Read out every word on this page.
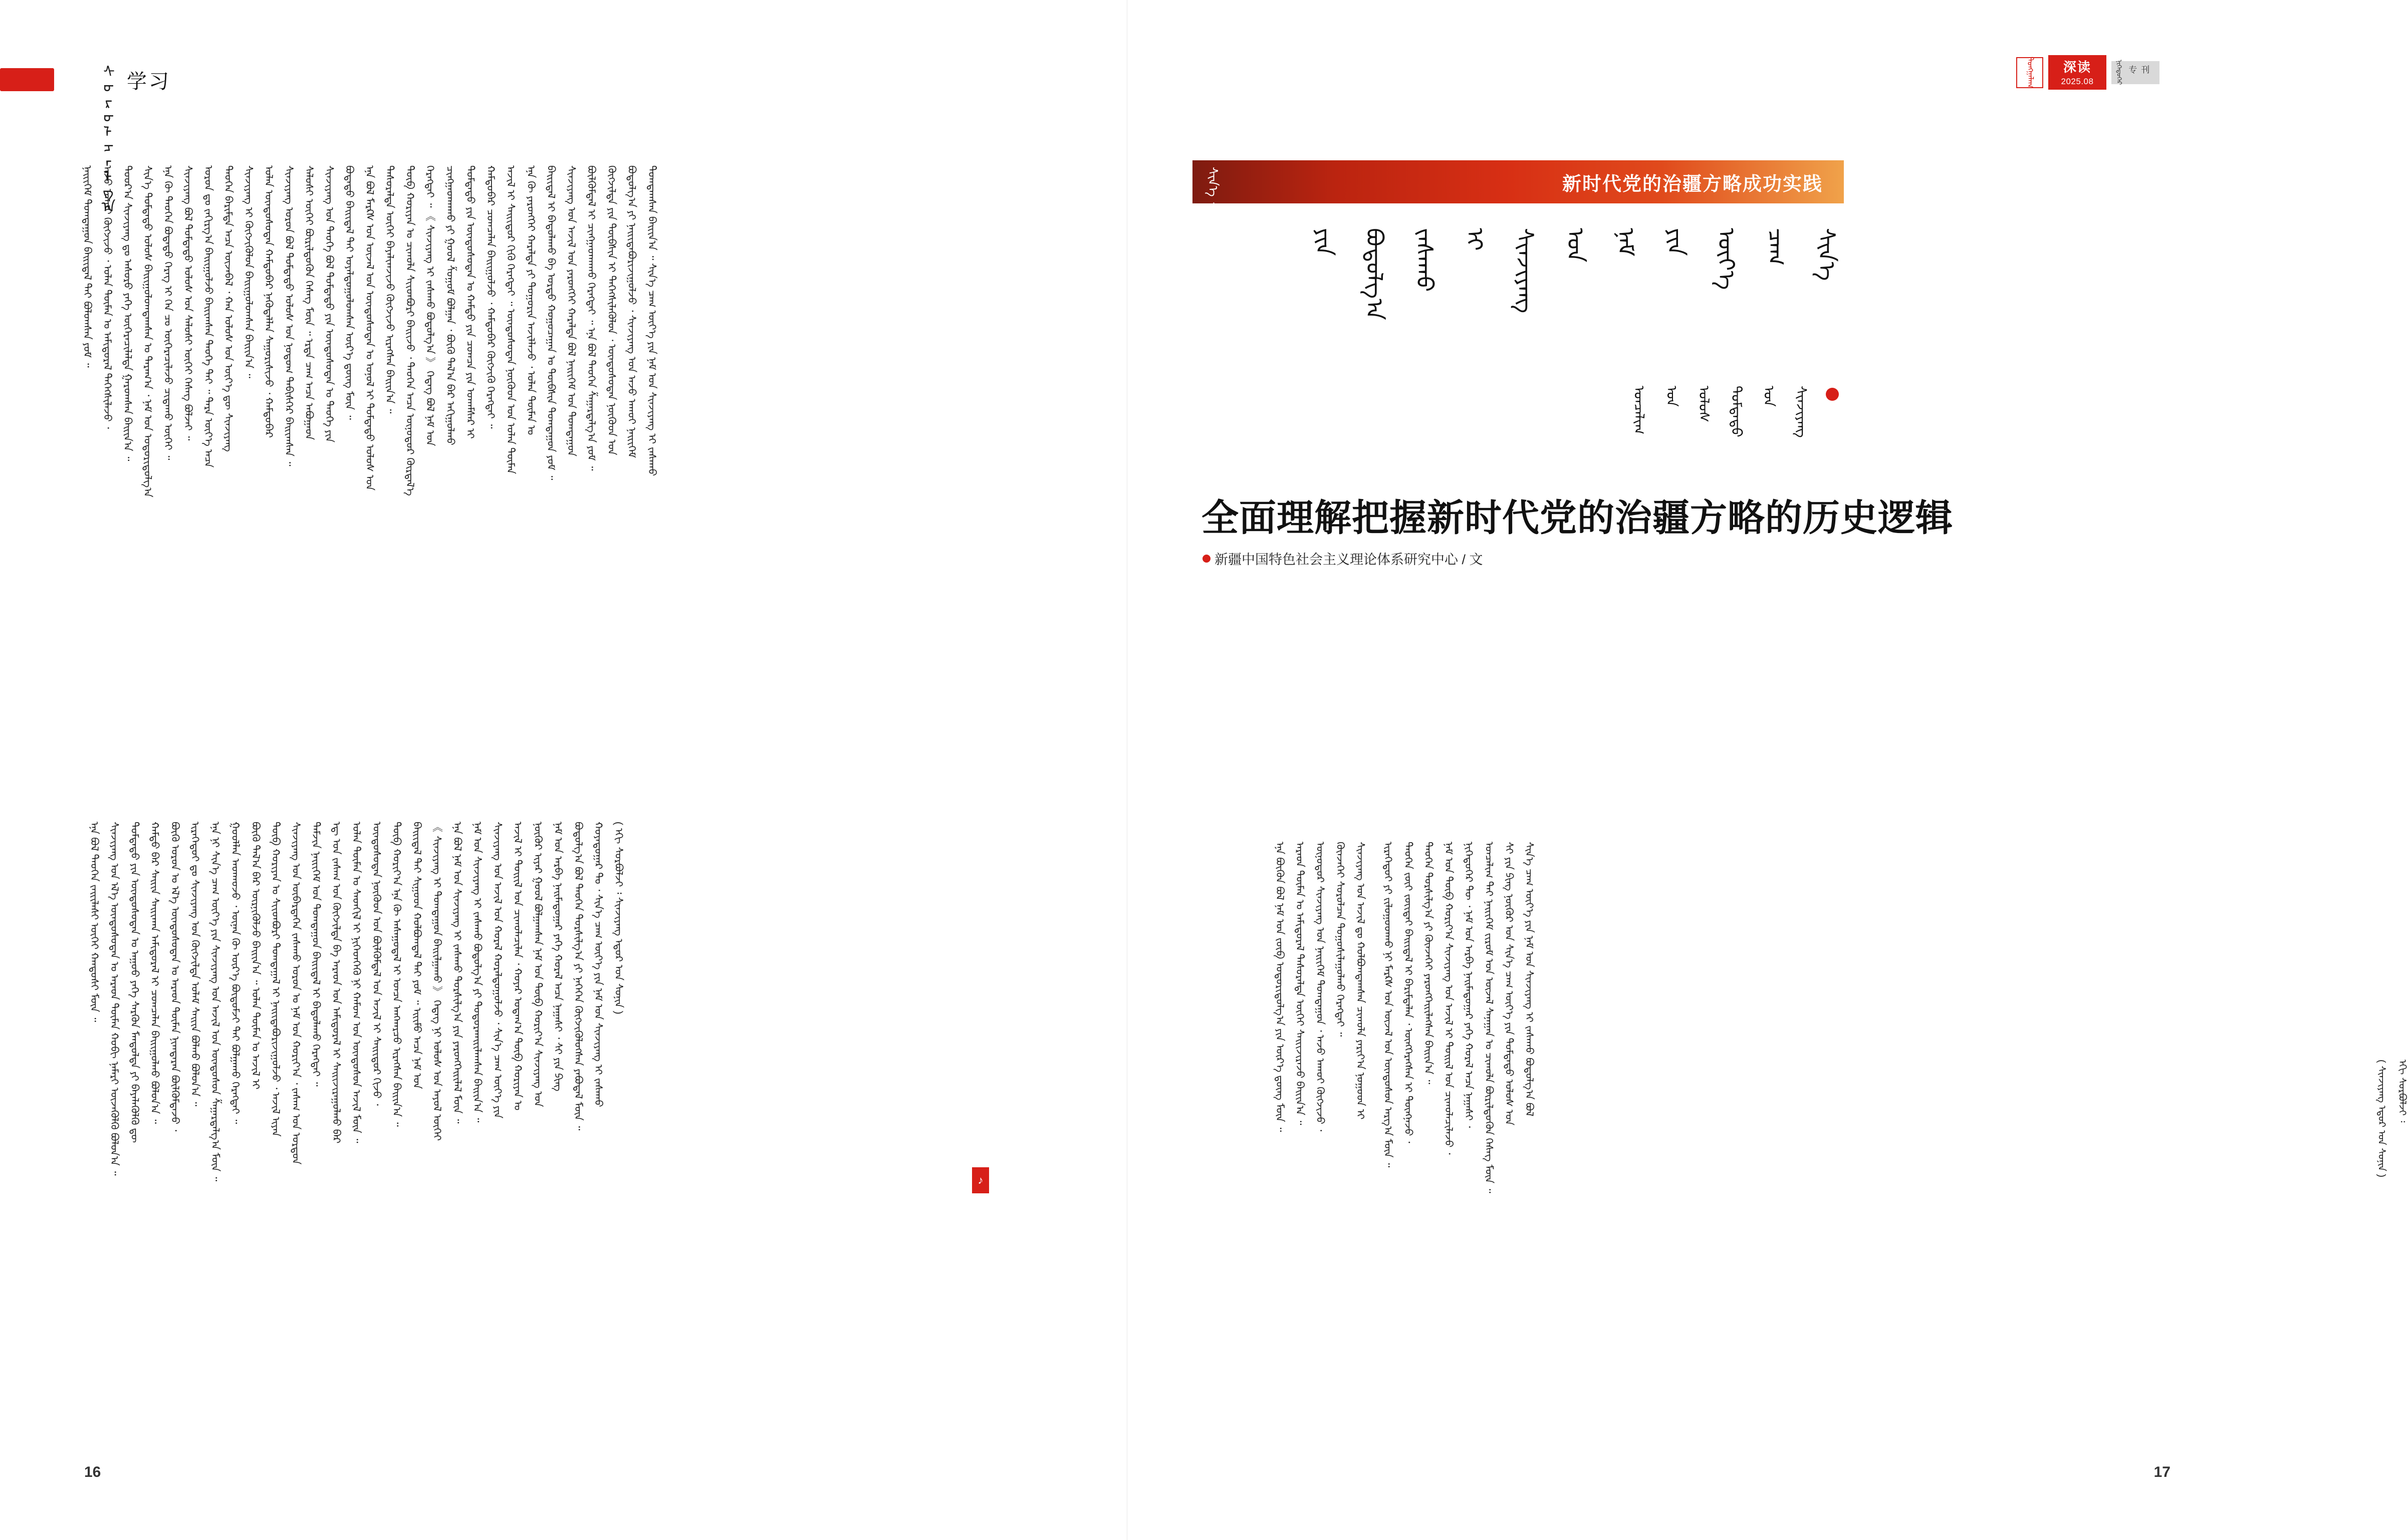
ᠰᠤᠷᠤᠯᠴᠠᠯᠭ᠎ᠠ 学习
ᠲᠣᠭᠲᠠᠭᠰᠠᠨ ᠪᠠᠢᠢᠨ᠎ᠠ ᠃ ᠰᠢᠨ᠎ᠡ ᠴᠠᠭ ᠦᠶ᠎ᠡ ᠶᠢᠨ ᠨᠠᠮ ᠤᠨ ᠰᠢᠨᠵᠢᠶᠠᠩ ᠢ ᠵᠠᠰᠠᠬᠤ
ᠪᠣᠳᠣᠯᠭ᠎ᠠ ᠶᠢ ᠨᠠᠢᠢᠳᠠᠪᠤᠷᠢᠵᠢᠭᠤᠯᠵᠤ ᠂ ᠰᠢᠨᠵᠢᠶᠠᠩ ᠤᠨ ᠠᠵᠤ ᠠᠬᠤᠢ ᠨᠡᠢᠢᠭᠡᠮ
ᠬᠥᠭᠵᠢᠯᠲᠡ ᠶᠢᠨ ᠲᠦᠪᠰᠢᠨ ᠢ ᠳᠡᠭᠡᠭᠰᠢᠯᠡᠭᠦᠯᠦᠨ ᠂ ᠦᠨᠳᠦᠰᠦᠲᠡᠨ ᠨᠦᠭᠦᠳ ᠤᠨ
ᠪᠦᠯᠬᠦᠮᠳᠡᠯ ᠢ ᠴᠢᠩᠭᠠᠳᠬᠠᠬᠤ ᠬᠡᠷᠡᠭᠲᠡᠢ ᠃ ᠡᠨᠡ ᠪᠣᠯ ᠲᠡᠦᠬᠡᠨ ᠱᠠᠭᠠᠷᠳᠠᠯᠭ᠎ᠠ ᠶᠤᠮ ᠃
ᠰᠢᠨᠵᠢᠶᠠᠩ ᠤᠨ ᠠᠵᠢᠯ ᠤᠨ ᠶᠡᠷᠦᠩᠬᠡᠢ ᠬᠠᠷᠠᠯᠲᠠ ᠪᠣᠯ ᠨᠡᠢᠢᠭᠡᠮ ᠤᠨ ᠲᠣᠭᠲᠠᠭᠤᠨ
ᠪᠠᠢᠢᠳᠠᠯ ᠢ ᠪᠠᠲᠤᠯᠠᠬᠤ ᠪᠠ ᠤᠷᠲᠤ ᠬᠤᠭᠤᠴᠠᠭᠠᠨ ᠤ ᠲᠦᠪᠰᠢᠨ ᠲᠣᠭᠲᠠᠭᠤᠨ ᠶᠤᠮ ᠃
ᠡᠨᠡ ᠬᠦ ᠶᠡᠷᠦᠩᠬᠡᠢ ᠬᠠᠷᠠᠯᠲᠠ ᠶᠢ ᠲᠣᠭᠤᠷᠢᠨ ᠠᠵᠢᠯᠯᠠᠵᠤ ᠂ ᠣᠯᠠᠨ ᠲᠦᠮᠡᠨ ᠤ
ᠠᠵᠢᠯ ᠢ ᠰᠠᠢᠢᠲᠤᠷ ᠬᠢᠬᠦ ᠬᠡᠷᠡᠭᠲᠡᠢ ᠃ ᠦᠨᠳᠦᠰᠦᠲᠡᠨ ᠨᠦᠭᠦᠳ ᠤᠨ ᠣᠯᠠᠨ ᠲᠦᠮᠡᠨ
ᠬᠠᠮᠲᠤᠪᠠᠷ ᠴᠤᠭᠴᠠᠯᠠᠨ ᠪᠠᠢᠢᠭᠤᠯᠵᠤ ᠂ ᠬᠠᠮᠲᠤᠪᠠᠷ ᠬᠥᠭᠵᠢᠬᠦ ᠬᠡᠷᠡᠭᠲᠡᠢ ᠃
ᠳᠤᠮᠳᠠᠳᠤ ᠶᠢᠨ ᠦᠨᠳᠦᠰᠦᠲᠡᠨ ᠤ ᠬᠠᠮᠲᠤ ᠶᠢᠨ ᠴᠣᠭᠴᠠ ᠶᠢᠨ ᠤᠬᠠᠮᠰᠠᠷ ᠢ
ᠴᠢᠩᠭᠠᠳᠬᠠᠬᠤ ᠶᠢ ᠭᠣᠣᠯ ᠱᠤᠭᠤᠮ ᠪᠣᠯᠭᠠᠨ ᠂ ᠪᠦᠬᠦ ᠲᠠᠯ᠎ᠠ ᠪᠠᠷ ᠠᠬᠢᠭᠤᠯᠬᠤ
ᠬᠡᠷᠡᠭᠲᠡᠢ ᠃ 《 ᠰᠢᠨᠵᠢᠶᠠᠩ ᠢ ᠵᠠᠰᠠᠬᠤ ᠪᠣᠳᠣᠯᠭ᠎ᠠ 》 ᠭᠡᠳᠡᠭ ᠪᠣᠯ ᠨᠠᠮ ᠤᠨ
ᠲᠥᠪ ᠬᠣᠷᠢᠶᠠᠨ ᠤ ᠴᠢᠬᠤᠯᠠ ᠰᠢᠢᠳᠪᠦᠷᠢ ᠪᠠᠢᠢᠵᠤ ᠂ ᠲᠡᠦᠬᠡᠨ ᠠᠴᠠ ᠥᠨᠥᠳᠦᠷ ᠬᠦᠷᠲᠡᠯ᠎ᠡ
ᠲᠠᠰᠤᠷᠠᠯᠲᠠ ᠦᠭᠡᠢ ᠪᠠᠶᠠᠯᠢᠭᠵᠢᠵᠤ ᠬᠥᠭᠵᠢᠵᠦ ᠢᠷᠡᠭᠰᠡᠨ ᠪᠠᠢᠢᠨ᠎ᠠ ᠃
ᠡᠨᠡ ᠪᠣᠯ ᠮᠠᠷᠺᠰ ᠤᠨ ᠦᠵᠡᠯ ᠤᠨ ᠦᠨᠳᠦᠰᠦᠲᠡᠨ ᠤ ᠣᠨᠣᠯ ᠢ ᠳᠤᠮᠳᠠᠳᠤ ᠤᠯᠤᠰ ᠤᠨ
ᠪᠣᠳᠠᠲᠤ ᠪᠠᠢᠢᠳᠠᠯ ᠲᠠᠢ ᠤᠶᠠᠯᠳᠤᠭᠤᠯᠤᠭᠰᠠᠨ ᠦᠷ᠎ᠡ ᠳ᠋ᠦᠩ ᠮᠥᠨ ᠃
ᠰᠢᠨᠵᠢᠶᠠᠩ ᠤᠨ ᠲᠡᠦᠬᠡ ᠪᠣᠯ ᠳᠤᠮᠳᠠᠳᠤ ᠶᠢᠨ ᠦᠨᠳᠦᠰᠦᠲᠡᠨ ᠤ ᠲᠡᠦᠬᠡ ᠶᠢᠨ
ᠰᠠᠯᠤᠰᠢ ᠦᠭᠡᠢ ᠪᠦᠷᠢᠯᠳᠦᠭᠦᠨ ᠬᠡᠰᠡᠭ ᠮᠥᠨ ᠃ ᠡᠷᠲᠡ ᠴᠠᠭ ᠠᠴᠠ ᠠᠪᠤᠭᠠᠳ
ᠰᠢᠨᠵᠢᠶᠠᠩ ᠣᠷᠣᠨ ᠪᠣᠯ ᠳᠤᠮᠳᠠᠳᠤ ᠤᠯᠤᠰ ᠤᠨ ᠨᠤᠲᠤᠭ ᠳᠡᠪᠢᠰᠬᠡᠷ ᠪᠠᠢᠢᠭᠰᠠᠨ ᠃
ᠣᠯᠠᠨ ᠦᠨᠳᠦᠰᠦᠲᠡᠨ ᠬᠠᠮᠲᠤᠪᠠᠷ ᠨᠡᠭᠦᠳᠡᠯᠯᠡᠨ ᠰᠠᠭᠤᠷᠢᠰᠢᠵᠤ ᠂ ᠬᠠᠮᠲᠤᠪᠠᠷ
ᠰᠢᠨᠵᠢᠶᠠᠩ ᠢ ᠬᠥᠭᠵᠢᠭᠦᠯᠦᠨ ᠪᠠᠢᠢᠭᠤᠯᠤᠭᠰᠠᠨ ᠪᠠᠢᠢᠨ᠎ᠠ ᠃
ᠲᠡᠦᠬᠡᠨ ᠪᠠᠷᠢᠮᠲᠠ ᠠᠴᠠ ᠦᠵᠡᠪᠡᠯ ᠂ ᠬᠠᠨ ᠤᠯᠤᠰ ᠤᠨ ᠦᠶ᠎ᠡ ᠳᠦ ᠰᠢᠨᠵᠢᠶᠠᠩ
ᠣᠷᠣᠨ ᠳᠤ ᠵᠠᠬᠢᠷᠭ᠎ᠠ ᠪᠠᠢᠢᠭᠤᠯᠵᠤ ᠪᠠᠢᠢᠭᠰᠠᠨ ᠲᠡᠦᠬᠡ ᠲᠡᠢ ᠃ ᠲᠡᠷᠡ ᠦᠶ᠎ᠡ ᠠᠴᠠ
ᠰᠢᠨᠵᠢᠶᠠᠩ ᠪᠣᠯ ᠳᠤᠮᠳᠠᠳᠤ ᠤᠯᠤᠰ ᠤᠨ ᠰᠠᠯᠤᠰᠢ ᠦᠭᠡᠢ ᠬᠡᠰᠡᠭ ᠪᠣᠯᠵᠠᠢ ᠃
ᠡᠨᠡ ᠬᠦ ᠲᠡᠦᠬᠡᠨ ᠪᠣᠳᠠᠲᠤ ᠬᠡᠷᠡᠭ ᠢ ᠬᠡᠨ ᠴᠤ ᠥᠭᠡᠷᠡᠴᠢᠯᠡᠵᠦ ᠴᠢᠳᠠᠬᠤ ᠦᠭᠡᠢ ᠃
ᠰᠢᠨ᠎ᠡ ᠳᠤᠮᠳᠠᠳᠤ ᠤᠯᠤᠰ ᠪᠠᠢᠢᠭᠤᠯᠤᠭᠳᠠᠭᠰᠠᠨ ᠤ ᠳᠠᠷᠠᠭ᠎ᠠ ᠂ ᠨᠠᠮ ᠤᠨ ᠤᠳᠤᠷᠢᠳᠤᠯᠭ᠎ᠠ
ᠳᠣᠣᠷ᠎ᠠ ᠰᠢᠨᠵᠢᠶᠠᠩ ᠳᠤ ᠠᠰᠤᠷᠤ ᠶᠡᠬᠡ ᠥᠭᠡᠷᠡᠴᠢᠯᠡᠯᠲᠡ ᠭᠠᠷᠤᠭᠰᠠᠨ ᠪᠠᠢᠢᠨ᠎ᠠ ᠃
ᠠᠵᠤ ᠠᠬᠤᠢ ᠬᠥᠭᠵᠢᠵᠦ ᠂ ᠣᠯᠠᠨ ᠲᠦᠮᠡᠨ ᠤ ᠠᠮᠢᠳᠤᠷᠠᠯ ᠳᠡᠭᠡᠭᠰᠢᠯᠡᠵᠦ ᠂
ᠨᠡᠢᠢᠭᠡᠮ ᠲᠣᠭᠲᠠᠭᠤᠨ ᠪᠠᠢᠢᠳᠠᠯ ᠲᠠᠢ ᠪᠣᠯᠤᠭᠰᠠᠨ ᠶᠤᠮ ᠃
( ᠡᠬᠢ ᠰᠤᠷᠪᠤᠯᠵᠢ ᠄ ᠰᠢᠨᠵᠢᠶᠠᠩ ᠡᠳᠦᠷ ᠤᠨ ᠰᠣᠨᠢᠨ )
ᠬᠣᠶᠠᠳᠤᠭᠠᠷ ᠲᠤ ᠂ ᠰᠢᠨ᠎ᠡ ᠴᠠᠭ ᠦᠶ᠎ᠡ ᠶᠢᠨ ᠨᠠᠮ ᠤᠨ ᠰᠢᠨᠵᠢᠶᠠᠩ ᠢ ᠵᠠᠰᠠᠬᠤ
ᠪᠣᠳᠣᠯᠭ᠎ᠠ ᠪᠣᠯ ᠲᠡᠦᠬᠡᠨ ᠲᠤᠷᠰᠢᠯᠭ᠎ᠠ ᠶᠢ ᠨᠡᠭᠡᠭᠡᠨ ᠬᠥᠭᠵᠢᠭᠦᠯᠦᠭᠰᠡᠨ ᠶᠠᠪᠤᠳᠠᠯ ᠮᠥᠨ ᠃
ᠨᠠᠮ ᠤᠨ ᠠᠷᠪᠠ ᠨᠠᠢᠮᠠᠳᠤᠭᠠᠷ ᠶᠡᠬᠡ ᠬᠤᠷᠠᠯ ᠠᠴᠠ ᠨᠠᠭᠠᠰᠢ ᠂ ᠰᠢ ᠶᠢᠨ ᠫᠢᠩ
ᠨᠥᠬᠥᠷ ᠢᠶᠡᠷ ᠭᠣᠣᠯ ᠪᠣᠯᠭᠠᠭᠰᠠᠨ ᠨᠠᠮ ᠤᠨ ᠲᠥᠪ ᠬᠣᠷᠢᠶ᠎ᠠ ᠰᠢᠨᠵᠢᠶᠠᠩ ᠤᠨ
ᠠᠵᠢᠯ ᠢ ᠲᠤᠢᠢᠯ ᠤᠨ ᠴᠢᠬᠤᠯᠠᠴᠢᠯᠠᠨ ᠂ ᠬᠣᠶᠠᠷ ᠤᠳᠠᠭ᠎ᠠ ᠲᠥᠪ ᠬᠣᠷᠢᠶᠠᠨ ᠤ
ᠰᠢᠨᠵᠢᠶᠠᠩ ᠤᠨ ᠠᠵᠢᠯ ᠤᠨ ᠬᠤᠷᠠᠯ ᠬᠤᠷᠠᠯᠳᠤᠭᠤᠯᠵᠤ ᠂ ᠰᠢᠨ᠎ᠡ ᠴᠠᠭ ᠦᠶ᠎ᠡ ᠶᠢᠨ
ᠨᠠᠮ ᠤᠨ ᠰᠢᠨᠵᠢᠶᠠᠩ ᠢ ᠵᠠᠰᠠᠬᠤ ᠪᠣᠳᠣᠯᠭ᠎ᠠ ᠶᠢ ᠲᠣᠳᠣᠷᠬᠠᠢᠢᠯᠠᠭᠰᠠᠨ ᠪᠠᠢᠢᠨ᠎ᠠ ᠃
ᠡᠨᠡ ᠪᠣᠯ ᠨᠠᠮ ᠤᠨ ᠰᠢᠨᠵᠢᠶᠠᠩ ᠢ ᠵᠠᠰᠠᠬᠤ ᠲᠤᠷᠰᠢᠯᠭ᠎ᠠ ᠶᠢᠨ ᠶᠡᠷᠦᠩᠬᠡᠢᠢᠯᠡᠯ ᠮᠥᠨ ᠃
《 ᠰᠢᠨᠵᠢᠶᠠᠩ ᠢ ᠲᠣᠭᠲᠠᠭᠤᠨ ᠪᠠᠢᠢᠯᠭᠠᠬᠤ 》 ᠭᠡᠳᠡᠭ ᠨᠢ ᠤᠯᠤᠰ ᠤᠨ ᠠᠶᠤᠯ ᠦᠭᠡᠢ
ᠪᠠᠢᠢᠳᠠᠯ ᠲᠠᠢ ᠰᠢᠭᠤᠳ ᠬᠣᠯᠪᠣᠭᠳᠠᠯ ᠲᠠᠢ ᠶᠤᠮ ᠃ ᠡᠢᠢᠮᠦ ᠠᠴᠠ ᠨᠠᠮ ᠤᠨ
ᠲᠥᠪ ᠬᠣᠷᠢᠶ᠎ᠠ ᠡᠨᠡ ᠬᠦ ᠠᠰᠠᠭᠤᠳᠠᠯ ᠢ ᠣᠨᠴᠠ ᠠᠩᠬᠠᠷᠴᠤ ᠢᠷᠡᠭᠰᠡᠨ ᠪᠠᠢᠢᠨ᠎ᠠ ᠃
ᠦᠨᠳᠦᠰᠦᠲᠡᠨ ᠨᠦᠭᠦᠳ ᠤᠨ ᠪᠦᠯᠬᠦᠮᠳᠡᠯ ᠤᠨ ᠠᠵᠢᠯ ᠢ ᠰᠠᠢᠢᠲᠤᠷ ᠬᠢᠵᠦ ᠂
ᠣᠯᠠᠨ ᠲᠦᠮᠡᠨ ᠤ ᠰᠡᠳᠬᠢᠯ ᠢ ᠨᠢᠭᠡᠳᠬᠡᠬᠦ ᠨᠢ ᠬᠠᠮᠤᠭ ᠤᠨ ᠦᠨᠳᠦᠰᠦᠨ ᠠᠵᠢᠯ ᠮᠥᠨ ᠃
ᠡᠳ᠋ ᠤᠨ ᠵᠠᠰᠠᠭ ᠤᠨ ᠬᠥᠭᠵᠢᠯᠲᠡ ᠪᠠ ᠠᠷᠠᠳ ᠤᠨ ᠠᠮᠢᠳᠤᠷᠠᠯ ᠢ ᠰᠠᠢᠢᠵᠢᠷᠠᠭᠤᠯᠬᠤ ᠪᠠᠷ
ᠳᠠᠮᠵᠢᠨ ᠨᠡᠢᠢᠭᠡᠮ ᠤᠨ ᠲᠣᠭᠲᠠᠭᠤᠨ ᠪᠠᠢᠢᠳᠠᠯ ᠢ ᠪᠠᠲᠤᠯᠠᠬᠤ ᠬᠡᠷᠡᠭᠲᠡᠢ ᠃
ᠰᠢᠨᠵᠢᠶᠠᠩ ᠤᠨ ᠥᠪᠡᠷᠲᠡᠭᠡᠨ ᠵᠠᠰᠠᠬᠤ ᠣᠷᠣᠨ ᠤ ᠨᠠᠮ ᠤᠨ ᠬᠣᠷᠢᠶ᠎ᠠ ᠂ ᠵᠠᠰᠠᠭ ᠤᠨ ᠣᠷᠳᠣᠨ
ᠲᠥᠪ ᠬᠣᠷᠢᠶᠠᠨ ᠤ ᠰᠢᠢᠳᠪᠦᠷᠢ ᠲᠣᠭᠲᠠᠭᠠᠯ ᠢ ᠨᠠᠢᠢᠳᠠᠪᠤᠷᠢᠵᠢᠭᠤᠯᠵᠤ ᠂ ᠠᠵᠢᠯ ᠢᠶᠠᠨ
ᠪᠦᠬᠦ ᠲᠠᠯ᠎ᠠ ᠪᠠᠷ ᠥᠷᠨᠢᠭᠦᠯᠵᠦ ᠪᠠᠢᠢᠨ᠎ᠠ ᠃ ᠣᠯᠠᠨ ᠲᠦᠮᠡᠨ ᠤ ᠠᠵᠢᠯ ᠢ
ᠭᠣᠣᠯᠯᠠᠨ ᠠᠳᠬᠤᠵᠤ ᠂ ᠦᠨᠡᠨ ᠬᠦ ᠦᠷ᠎ᠡ ᠪᠦᠲᠦᠮᠵᠢ ᠲᠡᠢ ᠪᠣᠯᠭᠠᠬᠤ ᠬᠡᠷᠡᠭᠲᠡᠢ ᠃
ᠡᠨᠡ ᠨᠢ ᠰᠢᠨ᠎ᠡ ᠴᠠᠭ ᠦᠶ᠎ᠡ ᠶᠢᠨ ᠰᠢᠨᠵᠢᠶᠠᠩ ᠤᠨ ᠠᠵᠢᠯ ᠤᠨ ᠦᠨᠳᠦᠰᠦᠨ ᠱᠠᠭᠠᠷᠳᠠᠯᠭ᠎ᠠ ᠮᠥᠨ ᠃
ᠢᠷᠡᠭᠡᠳᠦᠢ ᠳᠤ ᠰᠢᠨᠵᠢᠶᠠᠩ ᠤᠨ ᠬᠥᠭᠵᠢᠯᠲᠡ ᠤᠯᠠᠮ ᠰᠠᠢᠢᠨ ᠪᠣᠯᠬᠤ ᠪᠣᠯᠤᠨ᠎ᠠ ᠃
ᠪᠦᠬᠦ ᠣᠷᠣᠨ ᠤ ᠡᠯ᠎ᠡ ᠦᠨᠳᠦᠰᠦᠲᠡᠨ ᠤ ᠠᠷᠠᠳ ᠲᠦᠮᠡᠨ ᠨᠢᠭᠲᠠᠷᠠᠨ ᠪᠦᠯᠬᠦᠮᠳᠡᠵᠦ ᠂
ᠬᠠᠮᠲᠤ ᠪᠠᠷ ᠰᠠᠢᠢᠨ ᠰᠠᠢᠢᠬᠠᠨ ᠠᠮᠢᠳᠤᠷᠠᠯ ᠢ ᠴᠣᠭᠴᠠᠯᠠᠨ ᠪᠠᠢᠢᠭᠤᠯᠬᠤ ᠪᠣᠯᠤᠨ᠎ᠠ ᠃
ᠳᠤᠮᠳᠠᠳᠤ ᠶᠢᠨ ᠦᠨᠳᠦᠰᠦᠲᠡᠨ ᠤ ᠠᠭᠤᠤ ᠶᠡᠬᠡ ᠰᠡᠷᠭᠦᠨ ᠮᠠᠨᠳᠤᠯᠲᠠ ᠶᠢ ᠪᠡᠶᠡᠯᠡᠭᠦᠯᠬᠦ ᠳᠦ
ᠰᠢᠨᠵᠢᠶᠠᠩ ᠤᠨ ᠡᠯ᠎ᠡ ᠦᠨᠳᠦᠰᠦᠲᠡᠨ ᠤ ᠠᠷᠠᠳ ᠲᠦᠮᠡᠨ ᠬᠤᠪᠢ ᠨᠡᠮᠡᠷᠢ ᠦᠵᠡᠭᠦᠯᠬᠦ ᠪᠣᠯᠤᠨ᠎ᠠ ᠃
ᠡᠨᠡ ᠪᠣᠯ ᠲᠡᠦᠬᠡᠨ ᠵᠠᠢᠢᠯᠠᠰᠢ ᠦᠭᠡᠢ ᠬᠠᠨᠳᠤᠰᠢ ᠮᠥᠨ ᠃
♪
16
ᠲᠤᠩᠭᠠᠯᠠᠭ	深读
2025.08	ᠨᠢᠭᠡᠳᠦᠭᠡᠷ 专刊
ᠰᠢᠨ᠎ᠡ
ᠴᠠᠭ
ᠦᠶ᠎ᠡ
ᠶᠢᠨ
ᠨᠠᠮ
ᠤᠨ
ᠵᠠᠰᠠᠬᠤ
ᠪᠣᠳᠣᠯᠭ᠎ᠠ
新时代党的治疆方略成功实践
ᠰᠢᠨ᠎ᠡ
ᠴᠠᠭ
ᠦᠶ᠎ᠡ
ᠶᠢᠨ
ᠨᠠᠮ
ᠤᠨ
ᠰᠢᠨᠵᠢᠶᠠᠩ
ᠢ
ᠵᠠᠰᠠᠬᠤ
ᠪᠣᠳᠣᠯᠭ᠎ᠠ
ᠶᠢᠨ
ᠰᠢᠨᠵᠢᠶᠠᠩ
ᠤᠨ
ᠳᠤᠮᠳᠠᠳᠤ
ᠤᠯᠤᠰ
ᠤᠨ
ᠣᠨᠴᠠᠯᠢᠭ
全面理解把握新时代党的治疆方略的历史逻辑
新疆中国特色社会主义理论体系研究中心 / 文
ᠰᠢᠨ᠎ᠡ ᠴᠠᠭ ᠦᠶ᠎ᠡ ᠶᠢᠨ ᠨᠠᠮ ᠤᠨ ᠰᠢᠨᠵᠢᠶᠠᠩ ᠢ ᠵᠠᠰᠠᠬᠤ ᠪᠣᠳᠣᠯᠭ᠎ᠠ ᠪᠣᠯ
ᠰᠢ ᠶᠢᠨ ᠫᠢᠩ ᠨᠥᠬᠥᠷ ᠤᠨ ᠰᠢᠨ᠎ᠡ ᠴᠠᠭ ᠦᠶ᠎ᠡ ᠶᠢᠨ ᠳᠤᠮᠳᠠᠳᠤ ᠤᠯᠤᠰ ᠤᠨ
ᠣᠨᠴᠠᠯᠢᠭ ᠲᠠᠢ ᠨᠡᠢᠢᠭᠡᠮ ᠵᠢᠷᠤᠮ ᠤᠨ ᠦᠵᠡᠯ ᠰᠠᠨᠠᠭᠠᠨ ᠤ ᠴᠢᠬᠤᠯᠠ ᠪᠦᠷᠢᠯᠳᠦᠭᠦᠨ ᠬᠡᠰᠡᠭ ᠮᠥᠨ ᠃
ᠨᠢᠭᠡᠳᠦᠭᠡᠷ ᠲᠦ ᠂ ᠨᠠᠮ ᠤᠨ ᠠᠷᠪᠠ ᠨᠠᠢᠮᠠᠳᠤᠭᠠᠷ ᠶᠡᠬᠡ ᠬᠤᠷᠠᠯ ᠠᠴᠠ ᠨᠠᠭᠠᠰᠢ ᠂
ᠨᠠᠮ ᠤᠨ ᠲᠥᠪ ᠬᠣᠷᠢᠶ᠎ᠠ ᠰᠢᠨᠵᠢᠶᠠᠩ ᠤᠨ ᠠᠵᠢᠯ ᠢ ᠲᠤᠢᠢᠯ ᠤᠨ ᠴᠢᠬᠤᠯᠠᠴᠢᠯᠠᠵᠤ ᠂
ᠲᠡᠦᠬᠡᠨ ᠳᠤᠷᠰᠢᠯᠭ᠎ᠠ ᠶᠢ ᠭᠦᠨᠵᠡᠭᠡᠢ ᠶᠡᠷᠦᠩᠬᠡᠢᠢᠯᠡᠭᠰᠡᠨ ᠪᠠᠢᠢᠨ᠎ᠠ ᠃
ᠲᠡᠦᠬᠡᠨ ᠵᠦᠢ ᠵᠦᠢᠲᠡᠢ ᠪᠠᠢᠢᠳᠠᠯ ᠢ ᠪᠠᠷᠢᠮᠲᠠᠯᠠᠨ ᠂ ᠥᠩᠭᠡᠷᠡᠭᠰᠡᠨ ᠢ ᠳᠦᠩᠨᠡᠵᠦ ᠂
ᠢᠷᠡᠭᠡᠳᠦᠢ ᠶᠢ ᠵᠢᠯᠣᠭᠤᠳᠬᠤ ᠨᠢ ᠮᠠᠷᠺᠰ ᠤᠨ ᠦᠵᠡᠯ ᠤᠨ ᠦᠨᠳᠦᠰᠦᠨ ᠠᠷᠭ᠎ᠠ ᠮᠥᠨ ᠃
ᠰᠢᠨᠵᠢᠶᠠᠩ ᠤᠨ ᠠᠵᠢᠯ ᠳᠤ ᠬᠣᠯᠪᠣᠭᠳᠠᠭᠰᠠᠨ ᠴᠢᠬᠤᠯᠠ ᠶᠠᠷᠢᠶ᠎ᠠ ᠨᠤᠭᠤᠳ ᠢ
ᠭᠦᠨᠵᠡᠭᠡᠢ ᠰᠤᠷᠤᠯᠴᠠᠨ ᠲᠤᠭᠤᠰᠢᠯᠠᠭᠤᠯᠬᠤ ᠬᠡᠷᠡᠭᠲᠡᠢ ᠃
ᠥᠨᠥᠳᠦᠷ ᠰᠢᠨᠵᠢᠶᠠᠩ ᠤᠨ ᠨᠡᠢᠢᠭᠡᠮ ᠲᠣᠭᠲᠠᠭᠤᠨ ᠂ ᠠᠵᠤ ᠠᠬᠤᠢ ᠬᠥᠭᠵᠢᠵᠦ ᠂
ᠠᠷᠠᠳ ᠲᠦᠮᠡᠨ ᠤ ᠠᠮᠢᠳᠤᠷᠠᠯ ᠲᠠᠰᠤᠷᠠᠯᠲᠠ ᠦᠭᠡᠢ ᠰᠠᠢᠢᠵᠢᠷᠠᠵᠤ ᠪᠠᠢᠢᠨ᠎ᠠ ᠃
ᠡᠨᠡ ᠪᠦᠬᠦᠨ ᠪᠣᠯ ᠨᠠᠮ ᠤᠨ ᠵᠥᠪ ᠤᠳᠤᠷᠢᠳᠤᠯᠭ᠎ᠠ ᠶᠢᠨ ᠦᠷ᠎ᠡ ᠳ᠋ᠦᠩ ᠮᠥᠨ ᠃	ᠡᠬᠢ ᠰᠤᠷᠪᠤᠯᠵᠢ ᠄
( ᠰᠢᠨᠵᠢᠶᠠᠩ ᠡᠳᠦᠷ ᠤᠨ ᠰᠣᠨᠢᠨ )
17
